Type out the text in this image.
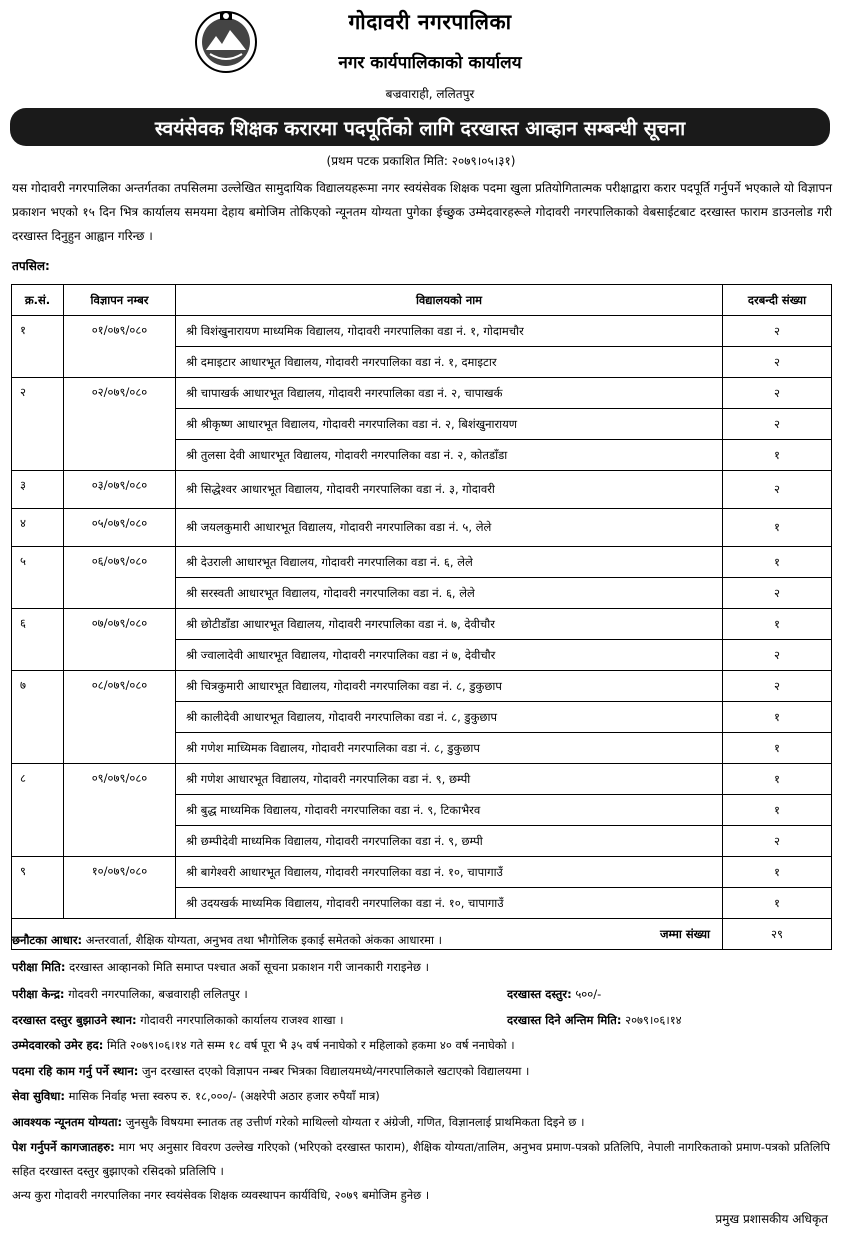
गोदावरी नगरपालिका
नगर कार्यपालिकाको कार्यालय
बज्रवाराही, ललितपुर
स्वयंसेवक शिक्षक करारमा पदपूर्तिको लागि दरखास्त आव्हान सम्बन्धी सूचना
(प्रथम पटक प्रकाशित मिति: २०७९।०५।३१)
यस गोदावरी नगरपालिका अन्तर्गतका तपसिलमा उल्लेखित सामुदायिक विद्यालयहरूमा नगर स्वयंसेवक शिक्षक पदमा खुला प्रतियोगितात्मक परीक्षाद्वारा करार पदपूर्ति गर्नुपर्ने भएकाले यो विज्ञापन प्रकाशन भएको १५ दिन भित्र कार्यालय समयमा देहाय बमोजिम तोकिएको न्यूनतम योग्यता पुगेका ईच्छुक उम्मेदवारहरूले गोदावरी नगरपालिकाको वेबसाईटबाट दरखास्त फाराम डाउनलोड गरी दरखास्त दिनुहुन आह्वान गरिन्छ ।
तपसिल:
क्र.सं.	विज्ञापन नम्बर	विद्यालयको नाम	दरबन्दी संख्या
१	०१/०७९/०८०	श्री विशंखुनारायण माध्यमिक विद्यालय, गोदावरी नगरपालिका वडा नं. १, गोदामचौर	२
		श्री दमाइटार आधारभूत विद्यालय, गोदावरी नगरपालिका वडा नं. १, दमाइटार	२
२	०२/०७९/०८०	श्री चापाखर्क आधारभूत विद्यालय, गोदावरी नगरपालिका वडा नं. २, चापाखर्क	२
		श्री श्रीकृष्ण आधारभूत विद्यालय, गोदावरी नगरपालिका वडा नं. २, बिशंखुनारायण	२
		श्री तुलसा देवी आधारभूत विद्यालय, गोदावरी नगरपालिका वडा नं. २, कोतडाँडा	१
३	०३/०७९/०८०	श्री सिद्धेश्वर आधारभूत विद्यालय, गोदावरी नगरपालिका वडा नं. ३, गोदावरी	२
४	०५/०७९/०८०	श्री जयलकुमारी आधारभूत विद्यालय, गोदावरी नगरपालिका वडा नं. ५, लेले	१
५	०६/०७९/०८०	श्री देउराली आधारभूत विद्यालय, गोदावरी नगरपालिका वडा नं. ६, लेले	१
		श्री सरस्वती आधारभूत विद्यालय, गोदावरी नगरपालिका वडा नं. ६, लेले	२
६	०७/०७९/०८०	श्री छोटीडाँडा आधारभूत विद्यालय, गोदावरी नगरपालिका वडा नं. ७, देवीचौर	१
		श्री ज्वालादेवी आधारभूत विद्यालय, गोदावरी नगरपालिका वडा नं ७, देवीचौर	२
७	०८/०७९/०८०	श्री चित्रकुमारी आधारभूत विद्यालय, गोदावरी नगरपालिका वडा नं. ८, डुकुछाप	२
		श्री कालीदेवी आधारभूत विद्यालय, गोदावरी नगरपालिका वडा नं. ८, डुकुछाप	१
		श्री गणेश माध्यिमक विद्यालय, गोदावरी नगरपालिका वडा नं. ८, डुकुछाप	१
८	०९/०७९/०८०	श्री गणेश आधारभूत विद्यालय, गोदावरी नगरपालिका वडा नं. ९, छम्पी	१
		श्री बुद्ध माध्यमिक विद्यालय, गोदावरी नगरपालिका वडा नं. ९, टिकाभैरव	१
		श्री छम्पीदेवी माध्यमिक विद्यालय, गोदावरी नगरपालिका वडा नं. ९, छम्पी	२
९	१०/०७९/०८०	श्री बागेश्वरी आधारभूत विद्यालय, गोदावरी नगरपालिका वडा नं. १०, चापागाउँ	१
		श्री उदयखर्क माध्यमिक विद्यालय, गोदावरी नगरपालिका वडा नं. १०, चापागाउँ	१
जम्मा संख्या			२९
छनौटका आधार: अन्तरवार्ता, शैक्षिक योग्यता, अनुभव तथा भौगोलिक इकाई समेतको अंकका आधारमा ।
परीक्षा मिति: दरखास्त आव्हानको मिति समाप्त पश्चात अर्को सूचना प्रकाशन गरी जानकारी गराइनेछ ।
परीक्षा केन्द्र: गोदवरी नगरपालिका, बज्रवाराही ललितपुर ।	दरखास्त दस्तुर: ५००/-
दरखास्त दस्तुर बुझाउने स्थान: गोदावरी नगरपालिकाको कार्यालय राजश्व शाखा ।	दरखास्त दिने अन्तिम मिति: २०७९।०६।१४
उम्मेदवारको उमेर हद: मिति २०७९।०६।१४ गते सम्म १८ वर्ष पूरा भै ३५ वर्ष ननाघेको र महिलाको हकमा ४० वर्ष ननाघेको ।
पदमा रहि काम गर्नु पर्ने स्थान: जुन दरखास्त दएको विज्ञापन नम्बर भित्रका विद्यालयमध्ये/नगरपालिकाले खटाएको विद्यालयमा ।
सेवा सुविधा: मासिक निर्वाह भत्ता स्वरुप रु. १८,०००/- (अक्षरेपी अठार हजार रुपैयाँ मात्र)
आवश्यक न्यूनतम योग्यता: जुनसुकै विषयमा स्नातक तह उत्तीर्ण गरेको माथिल्लो योग्यता र अंग्रेजी, गणित, विज्ञानलाई प्राथमिकता दिइने छ ।
पेश गर्नुपर्ने कागजातहरु: माग भए अनुसार विवरण उल्लेख गरिएको (भरिएको दरखास्त फाराम), शैक्षिक योग्यता/तालिम, अनुभव प्रमाण-पत्रको प्रतिलिपि, नेपाली नागरिकताको प्रमाण-पत्रको प्रतिलिपि सहित दरखास्त दस्तुर बुझाएको रसिदको प्रतिलिपि ।
अन्य कुरा गोदावरी नगरपालिका नगर स्वयंसेवक शिक्षक व्यवस्थापन कार्यविधि, २०७९ बमोजिम हुनेछ ।
प्रमुख प्रशासकीय अधिकृत
